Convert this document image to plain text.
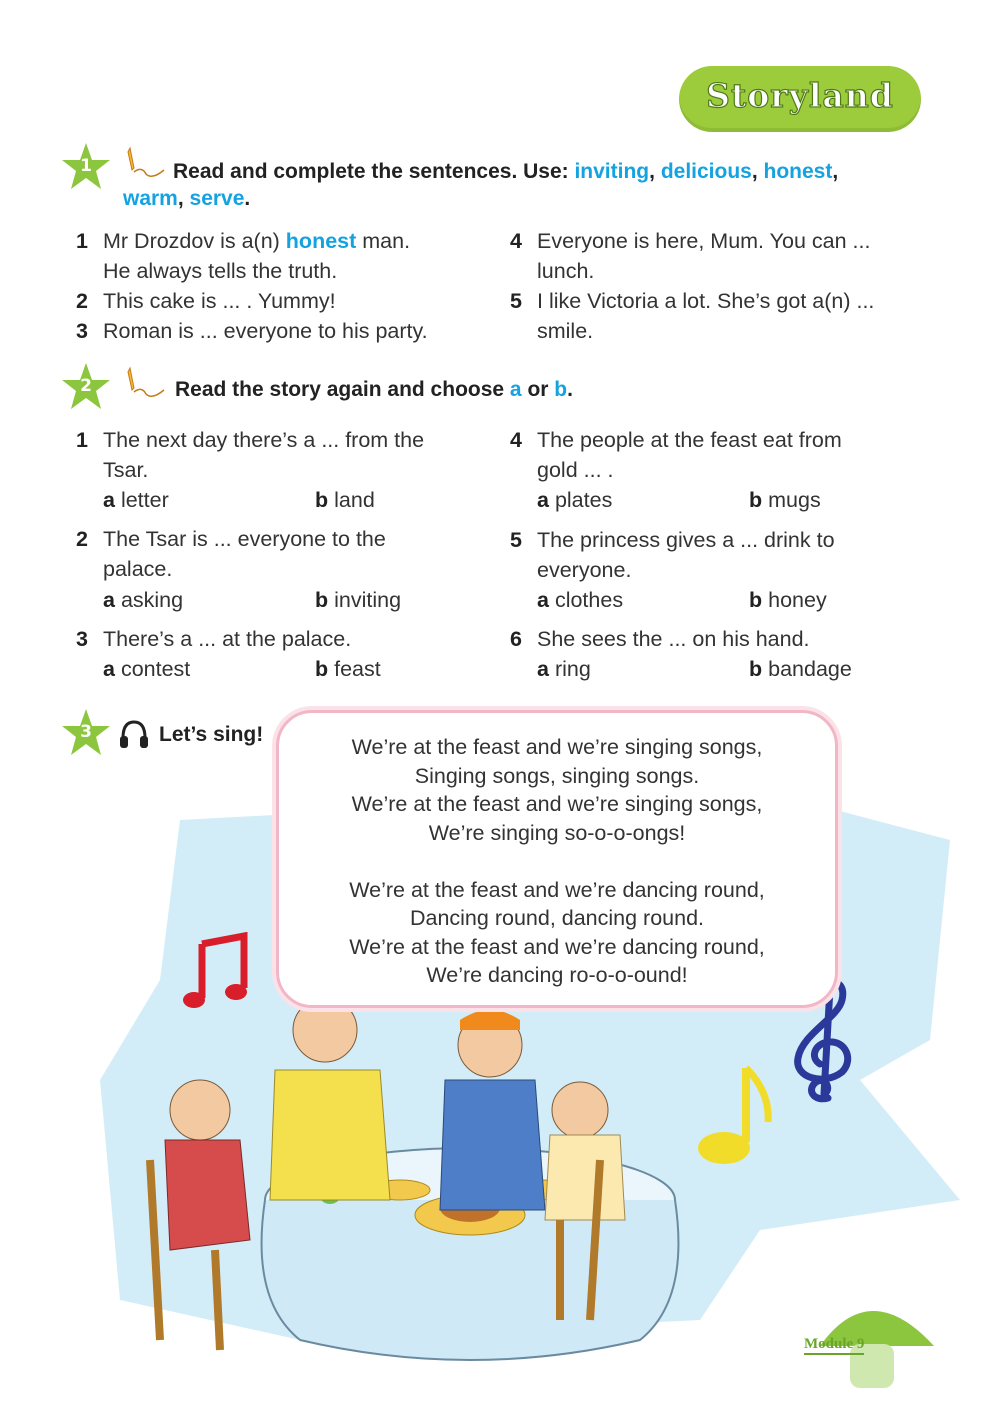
Storyland
1	Read and complete the sentences. Use: inviting, delicious, honest,
warm, serve.
1 Mr Drozdov is a(n) honest man.
He always tells the truth.
2 This cake is ... . Yummy!
3 Roman is ... everyone to his party.
4 Everyone is here, Mum. You can ...
lunch.
5 I like Victoria a lot. She’s got a(n) ...
smile.
2	Read the story again and choose a or b.
1 The next day there’s a ... from the
Tsar.
a letter	b land
2 The Tsar is ... everyone to the
palace.
a asking	b inviting
3 There’s a ... at the palace.
a contest	b feast
4 The people at the feast eat from
gold ... .
a plates	b mugs
5 The princess gives a ... drink to
everyone.
a clothes	b honey
6 She sees the ... on his hand.
a ring	b bandage
3	Let’s sing!
We’re at the feast and we’re singing songs,
Singing songs, singing songs.
We’re at the feast and we’re singing songs,
We’re singing so-o-o-ongs!
We’re at the feast and we’re dancing round,
Dancing round, dancing round.
We’re at the feast and we’re dancing round,
We’re dancing ro-o-o-ound!
93
Module 9
